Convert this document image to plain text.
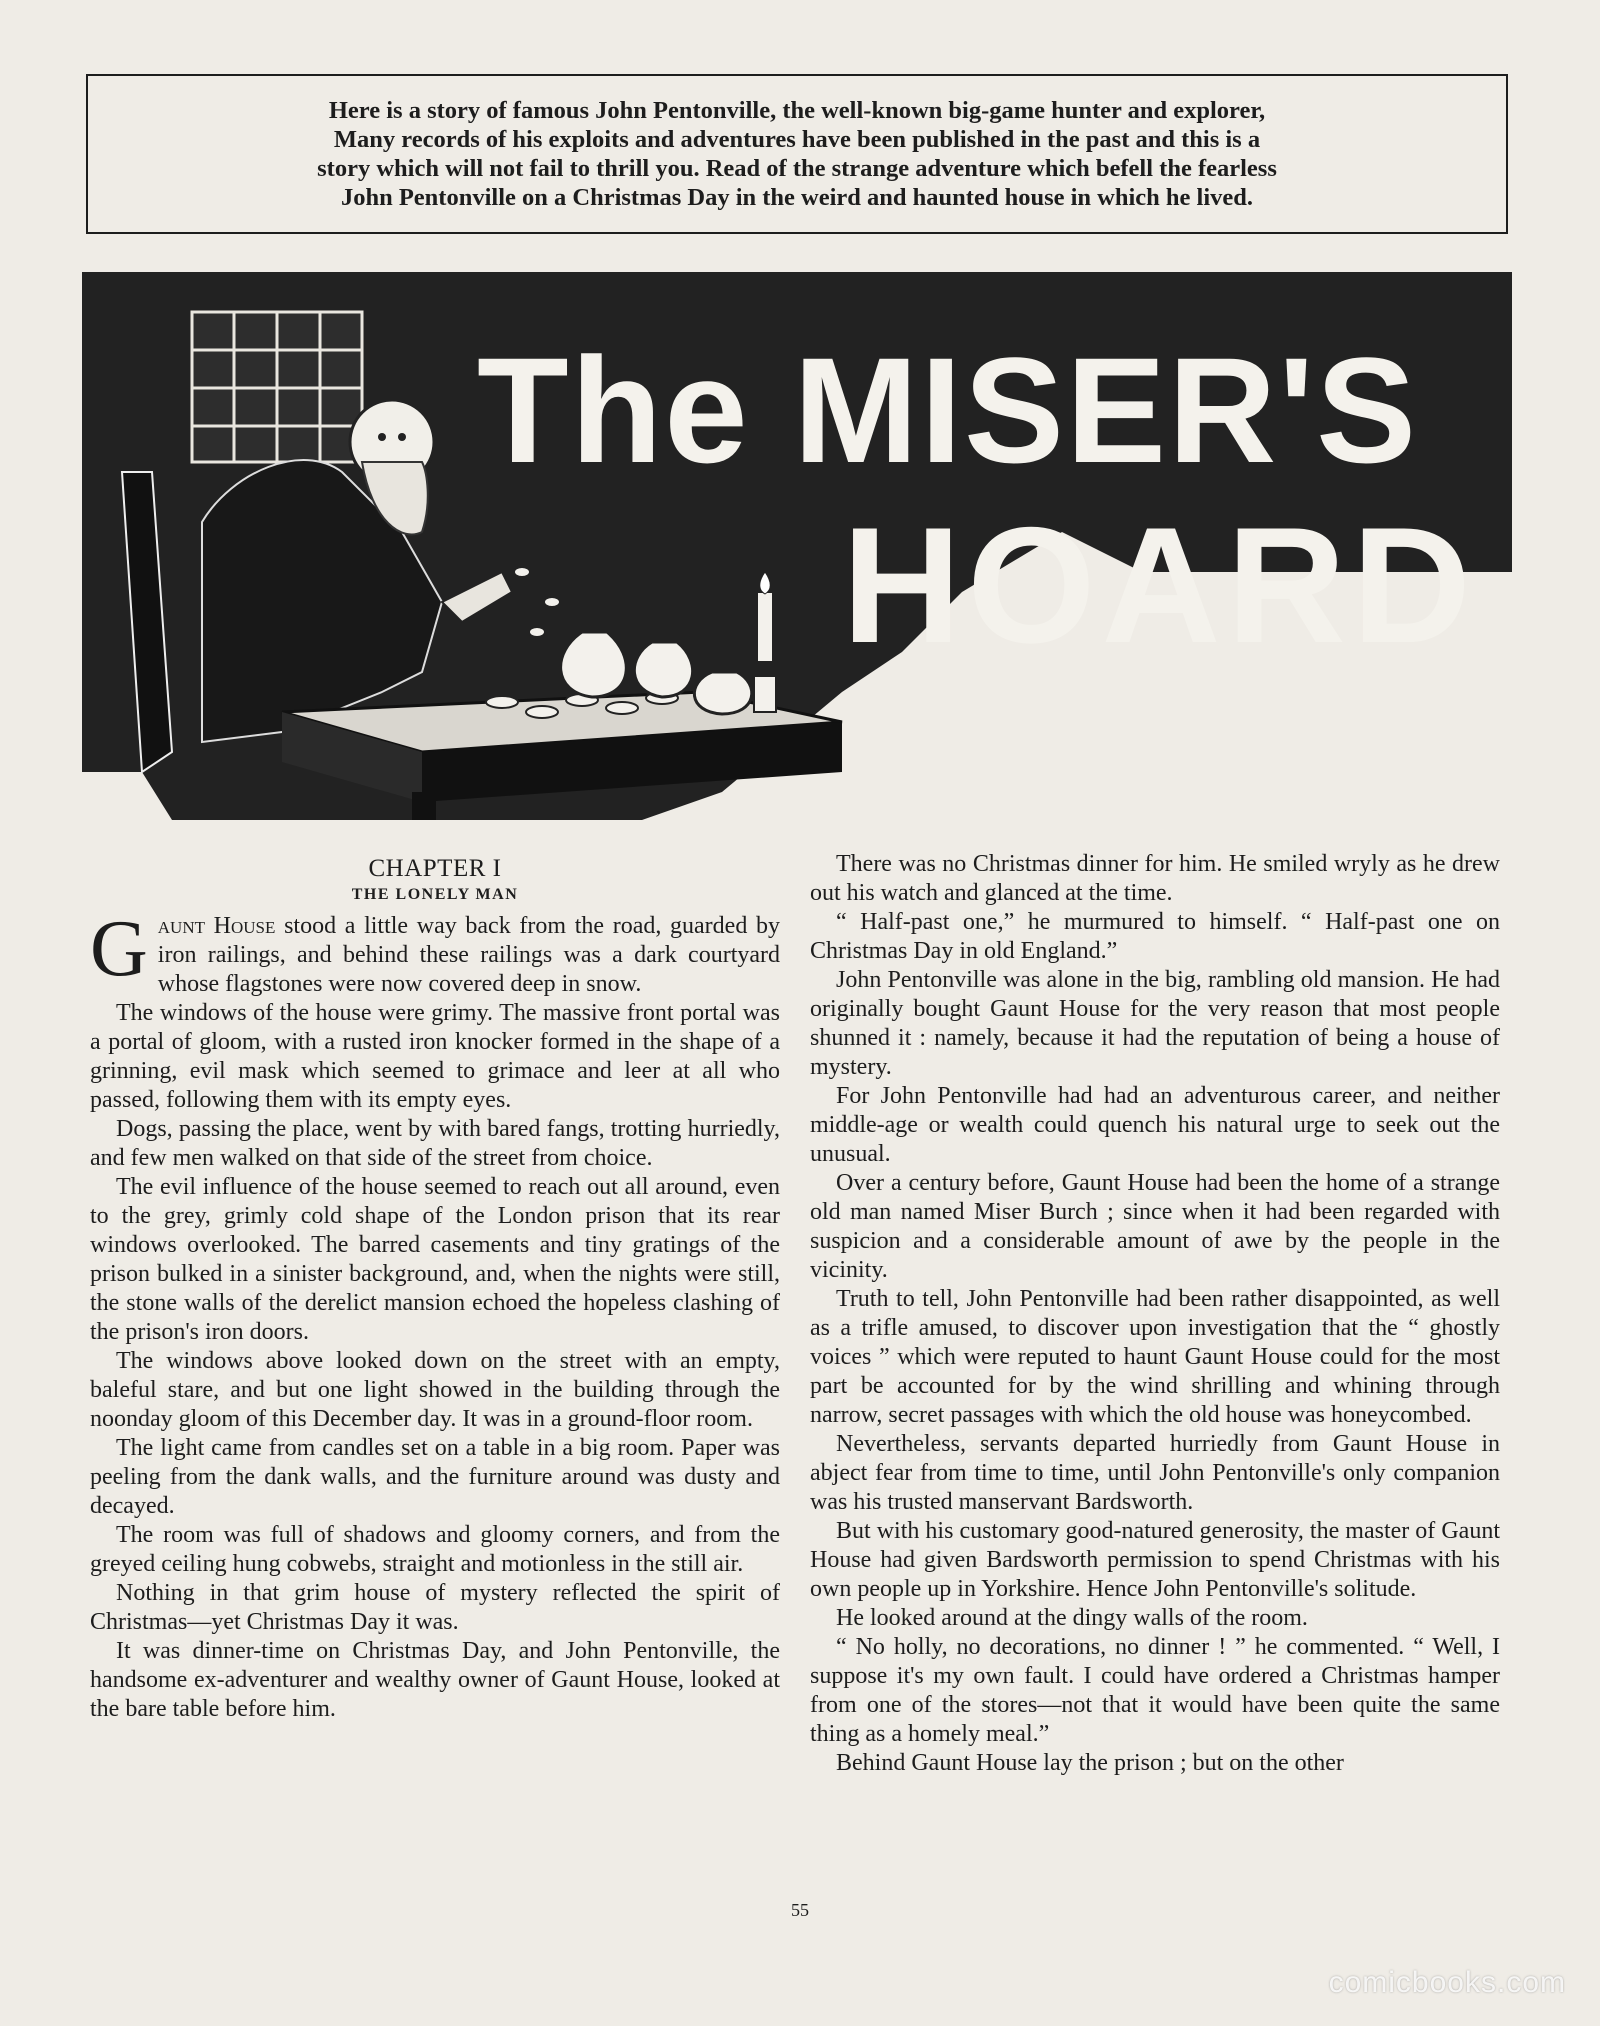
Here is a story of famous John Pentonville, the well-known big-game hunter and explorer,
Many records of his exploits and adventures have been published in the past and this is a
story which will not fail to thrill you. Read of the strange adventure which befell the fearless
John Pentonville on a Christmas Day in the weird and haunted house in which he lived.
The MISER'S
HOARD
CHAPTER I
THE LONELY MAN

Gaunt House stood a little way back from the road, guarded by iron railings, and behind these railings was a dark courtyard whose flagstones were now covered deep in snow.

The windows of the house were grimy. The massive front portal was a portal of gloom, with a rusted iron knocker formed in the shape of a grinning, evil mask which seemed to grimace and leer at all who passed, following them with its empty eyes.

Dogs, passing the place, went by with bared fangs, trotting hurriedly, and few men walked on that side of the street from choice.

The evil influence of the house seemed to reach out all around, even to the grey, grimly cold shape of the London prison that its rear windows overlooked. The barred casements and tiny gratings of the prison bulked in a sinister background, and, when the nights were still, the stone walls of the derelict mansion echoed the hopeless clashing of the prison's iron doors.

The windows above looked down on the street with an empty, baleful stare, and but one light showed in the building through the noonday gloom of this December day. It was in a ground-floor room.

The light came from candles set on a table in a big room. Paper was peeling from the dank walls, and the furniture around was dusty and decayed.

The room was full of shadows and gloomy corners, and from the greyed ceiling hung cobwebs, straight and motionless in the still air.

Nothing in that grim house of mystery reflected the spirit of Christmas—yet Christmas Day it was.

It was dinner-time on Christmas Day, and John Pentonville, the handsome ex-adventurer and wealthy owner of Gaunt House, looked at the bare table before him.

There was no Christmas dinner for him. He smiled wryly as he drew out his watch and glanced at the time.

“ Half-past one,” he murmured to himself. “ Half-past one on Christmas Day in old England.”

John Pentonville was alone in the big, rambling old mansion. He had originally bought Gaunt House for the very reason that most people shunned it : namely, because it had the reputation of being a house of mystery.

For John Pentonville had had an adventurous career, and neither middle-age or wealth could quench his natural urge to seek out the unusual.

Over a century before, Gaunt House had been the home of a strange old man named Miser Burch ; since when it had been regarded with suspicion and a considerable amount of awe by the people in the vicinity.

Truth to tell, John Pentonville had been rather disappointed, as well as a trifle amused, to discover upon investigation that the “ ghostly voices ” which were reputed to haunt Gaunt House could for the most part be accounted for by the wind shrilling and whining through narrow, secret passages with which the old house was honeycombed.

Nevertheless, servants departed hurriedly from Gaunt House in abject fear from time to time, until John Pentonville's only companion was his trusted manservant Bardsworth.

But with his customary good-natured generosity, the master of Gaunt House had given Bardsworth permission to spend Christmas with his own people up in Yorkshire. Hence John Pentonville's solitude.

He looked around at the dingy walls of the room.

“ No holly, no decorations, no dinner ! ” he commented. “ Well, I suppose it's my own fault. I could have ordered a Christmas hamper from one of the stores—not that it would have been quite the same thing as a homely meal.”

Behind Gaunt House lay the prison ; but on the other

55
comicbooks.com
